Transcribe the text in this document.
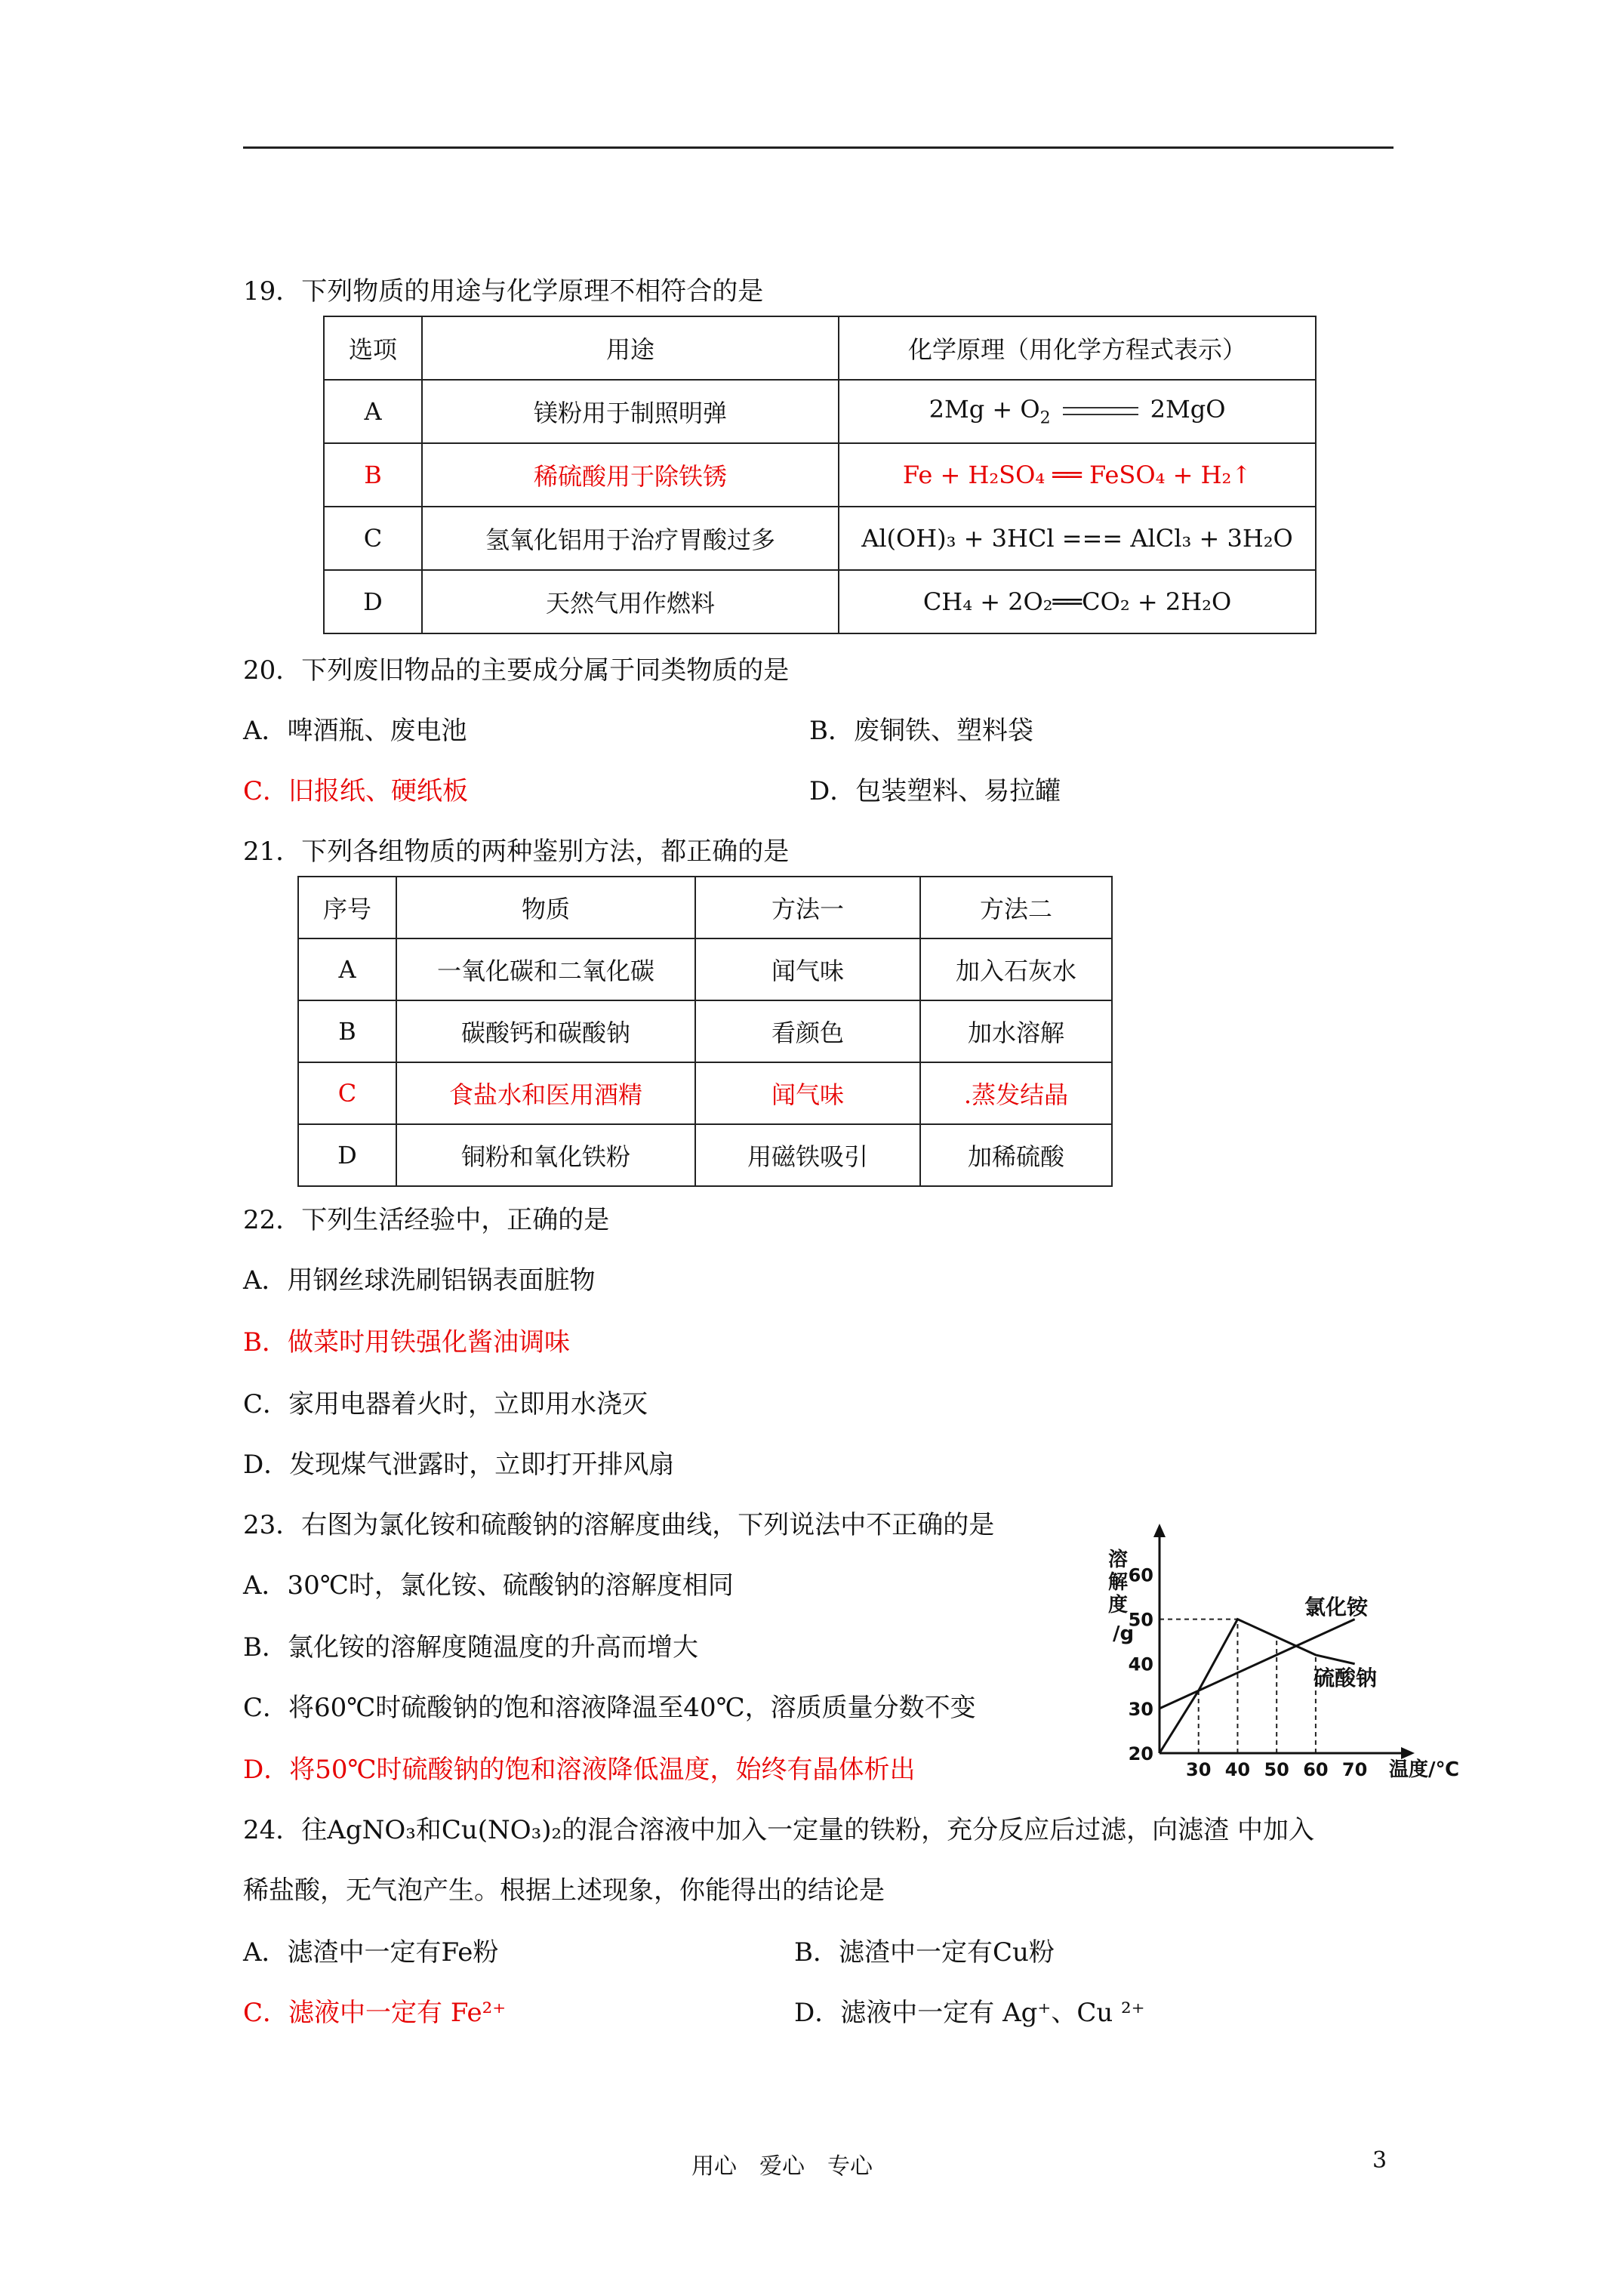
19．下列物质的用途与化学原理不相符合的是
选项	用途	化学原理（用化学方程式表示）
A	镁粉用于制照明弹	$2Mg + O_2$ 2MgO
B	稀硫酸用于除铁锈	Fe + H₂SO₄ ══ FeSO₄ + H₂↑
C	氢氧化铝用于治疗胃酸过多	Al(OH)₃ + 3HCl === AlCl₃ + 3H₂O
D	天然气用作燃料	CH₄ + 2O₂══CO₂ + 2H₂O
20．下列废旧物品的主要成分属于同类物质的是
A．啤酒瓶、废电池	B．废铜铁、塑料袋
C．旧报纸、硬纸板	D．包装塑料、易拉罐
21．下列各组物质的两种鉴别方法，都正确的是
序号	物质	方法一	方法二
A	一氧化碳和二氧化碳	闻气味	加入石灰水
B	碳酸钙和碳酸钠	看颜色	加水溶解
C	食盐水和医用酒精	闻气味	.蒸发结晶
D	铜粉和氧化铁粉	用磁铁吸引	加稀硫酸
22．下列生活经验中，正确的是
A．用钢丝球洗刷铝锅表面脏物
B．做菜时用铁强化酱油调味
C．家用电器着火时，立即用水浇灭
D．发现煤气泄露时，立即打开排风扇
23．右图为氯化铵和硫酸钠的溶解度曲线，下列说法中不正确的是
A．30℃时，氯化铵、硫酸钠的溶解度相同
B．氯化铵的溶解度随温度的升高而增大
C．将60℃时硫酸钠的饱和溶液降温至40℃，溶质质量分数不变
D．将50℃时硫酸钠的饱和溶液降低温度，始终有晶体析出	30 40 50 60 70
20
30
40
50
60
溶
解
度
/g
温度/℃
氯化铵
硫酸钠
24．往AgNO₃和Cu(NO₃)₂的混合溶液中加入一定量的铁粉，充分反应后过滤，向滤渣 中加入
稀盐酸，无气泡产生。根据上述现象，你能得出的结论是
A．滤渣中一定有Fe粉	B．滤渣中一定有Cu粉
C．滤液中一定有 Fe²⁺	D．滤液中一定有 Ag⁺、Cu ²⁺
用心　爱心　专心	3
